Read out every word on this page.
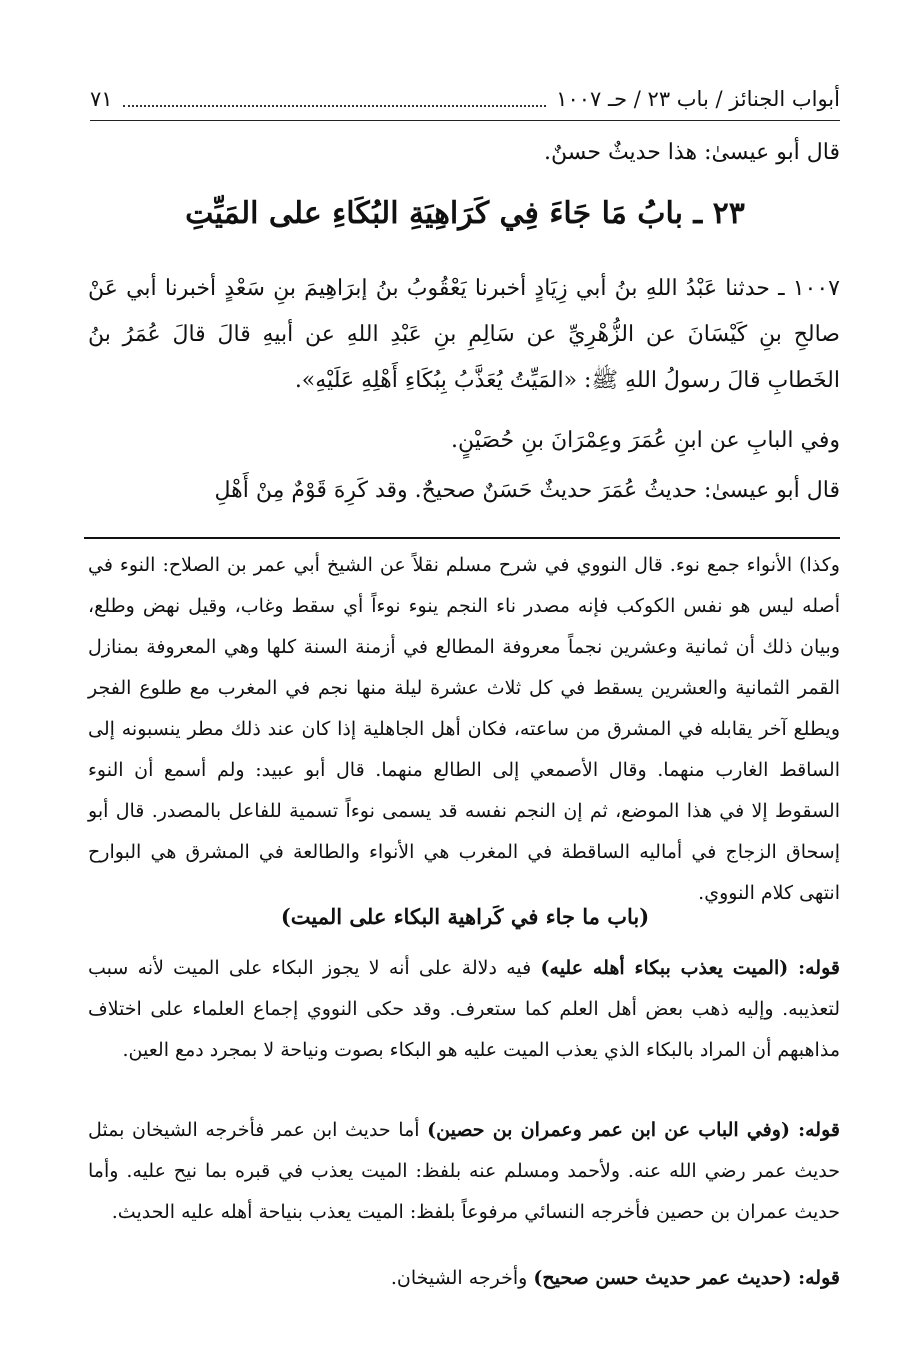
أبواب الجنائز / باب ٢٣ / حـ ١٠٠٧
٧١
قال أبو عيسىٰ: هذا حديثٌ حسنٌ.
٢٣ ـ بابُ مَا جَاءَ فِي كَرَاهِيَةِ البُكَاءِ على المَيِّتِ
١٠٠٧ ـ حدثنا عَبْدُ اللهِ بنُ أبي زِيَادٍ أخبرنا يَعْقُوبُ بنُ إبرَاهِيمَ بنِ سَعْدٍ أخبرنا أبي عَنْ صالحِ بنِ كَيْسَانَ عن الزُّهْرِيِّ عن سَالِمِ بنِ عَبْدِ اللهِ عن أبيهِ قالَ قالَ عُمَرُ بنُ الخَطابِ قالَ رسولُ اللهِ ﷺ: «المَيِّتُ يُعَذَّبُ بِبُكَاءِ أَهْلِهِ عَلَيْهِ».
وفي البابِ عن ابنِ عُمَرَ وعِمْرَانَ بنِ حُصَيْنٍ.
قال أبو عيسىٰ: حديثُ عُمَرَ حديثٌ حَسَنٌ صحيحٌ. وقد كَرِهَ قَوْمٌ مِنْ أَهْلِ
وكذا) الأنواء جمع نوء. قال النووي في شرح مسلم نقلاً عن الشيخ أبي عمر بن الصلاح: النوء في أصله ليس هو نفس الكوكب فإنه مصدر ناء النجم ينوء نوءاً أي سقط وغاب، وقيل نهض وطلع، وبيان ذلك أن ثمانية وعشرين نجماً معروفة المطالع في أزمنة السنة كلها وهي المعروفة بمنازل القمر الثمانية والعشرين يسقط في كل ثلاث عشرة ليلة منها نجم في المغرب مع طلوع الفجر ويطلع آخر يقابله في المشرق من ساعته، فكان أهل الجاهلية إذا كان عند ذلك مطر ينسبونه إلى الساقط الغارب منهما. وقال الأصمعي إلى الطالع منهما. قال أبو عبيد: ولم أسمع أن النوء السقوط إلا في هذا الموضع، ثم إن النجم نفسه قد يسمى نوءاً تسمية للفاعل بالمصدر. قال أبو إسحاق الزجاج في أماليه الساقطة في المغرب هي الأنواء والطالعة في المشرق هي البوارح انتهى كلام النووي.
(باب ما جاء في كَراهية البكاء على الميت)
قوله: (الميت يعذب ببكاء أهله عليه) فيه دلالة على أنه لا يجوز البكاء على الميت لأنه سبب لتعذيبه. وإليه ذهب بعض أهل العلم كما ستعرف. وقد حكى النووي إجماع العلماء على اختلاف مذاهبهم أن المراد بالبكاء الذي يعذب الميت عليه هو البكاء بصوت ونياحة لا بمجرد دمع العين.
قوله: (وفي الباب عن ابن عمر وعمران بن حصين) أما حديث ابن عمر فأخرجه الشيخان بمثل حديث عمر رضي الله عنه. ولأحمد ومسلم عنه بلفظ: الميت يعذب في قبره بما نيح عليه. وأما حديث عمران بن حصين فأخرجه النسائي مرفوعاً بلفظ: الميت يعذب بنياحة أهله عليه الحديث.
قوله: (حديث عمر حديث حسن صحيح) وأخرجه الشيخان.
